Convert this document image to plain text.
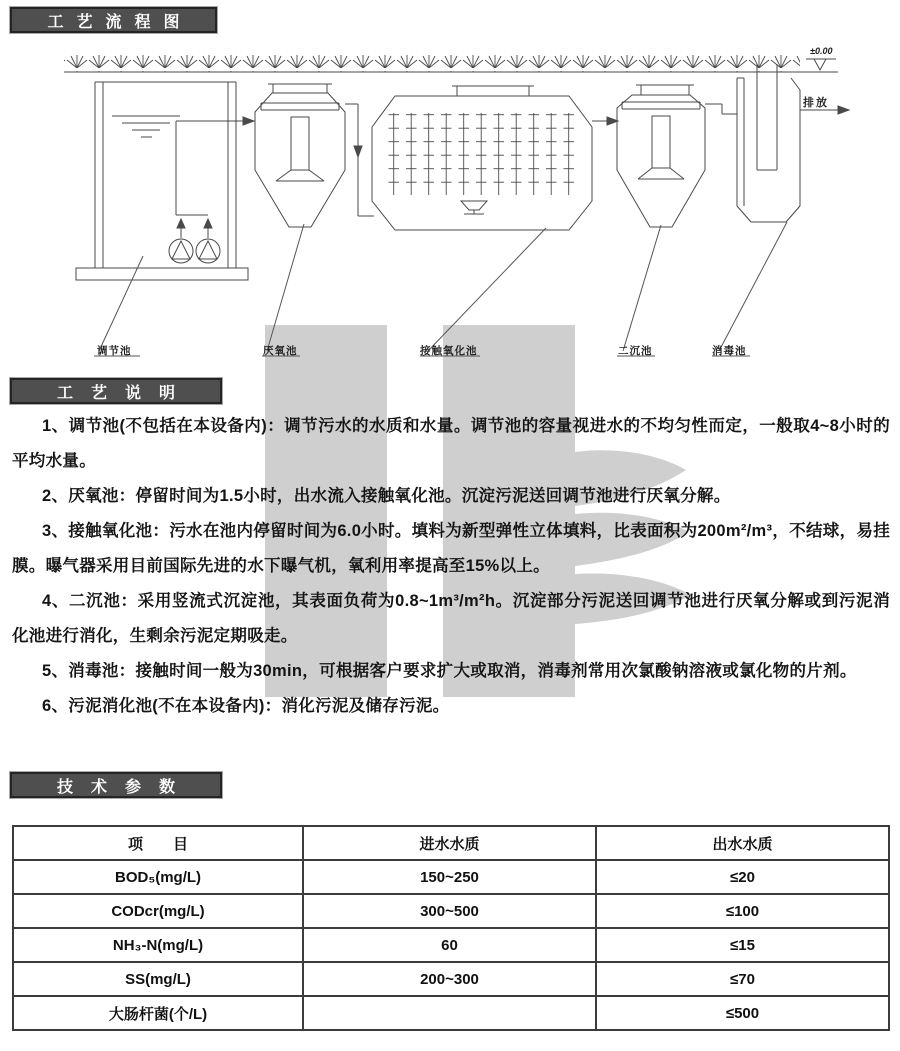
工艺流程图
工艺说明
技术参数
调节池	厌氧池	接触氧化池	二沉池	消毒池
排放
±0.00

1、调节池(不包括在本设备内)：调节污水的水质和水量。调节池的容量视进水的不均匀性而定，一般取4~8小时的平均水量。

2、厌氧池：停留时间为1.5小时，出水流入接触氧化池。沉淀污泥送回调节池进行厌氧分解。

3、接触氧化池：污水在池内停留时间为6.0小时。填料为新型弹性立体填料，比表面积为200m²/m³，不结球，易挂膜。曝气器采用目前国际先进的水下曝气机，氧利用率提高至15%以上。

4、二沉池：采用竖流式沉淀池，其表面负荷为0.8~1m³/m²h。沉淀部分污泥送回调节池进行厌氧分解或到污泥消化池进行消化，生剩余污泥定期吸走。

5、消毒池：接触时间一般为30min，可根据客户要求扩大或取消，消毒剂常用次氯酸钠溶液或氯化物的片剂。

6、污泥消化池(不在本设备内)：消化污泥及储存污泥。

项　　目	进水水质	出水水质
BOD₅(mg/L)	150~250	≤20
CODcr(mg/L)	300~500	≤100
NH₃-N(mg/L)	60	≤15
SS(mg/L)	200~300	≤70
大肠杆菌(个/L)		≤500
